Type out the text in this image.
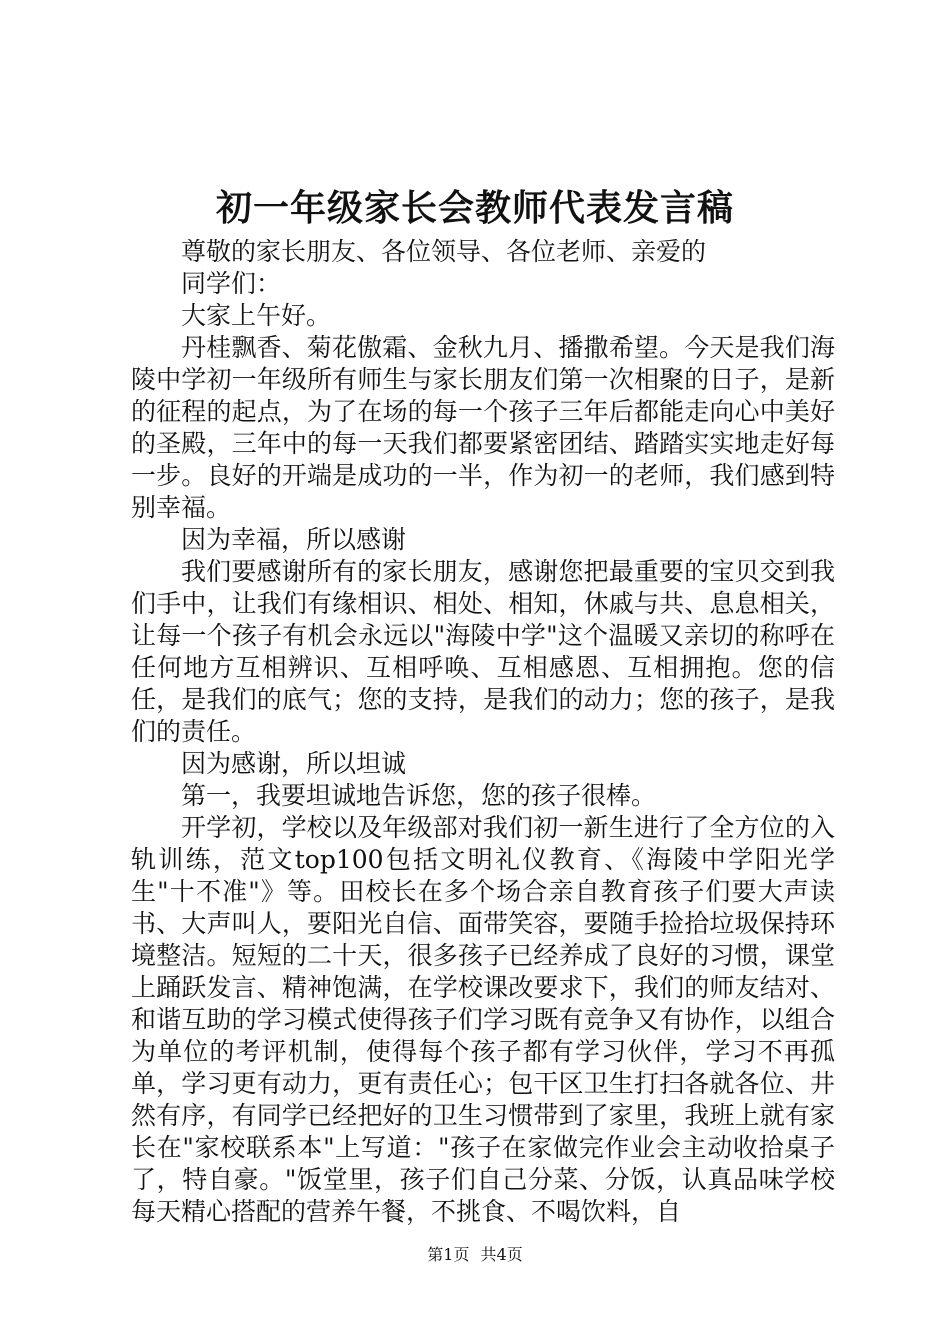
初一年级家长会教师代表发言稿

尊敬的家长朋友、各位领导、各位老师、亲爱的

同学们：

大家上午好。

丹桂飘香、菊花傲霜、金秋九月、播撒希望。今天是我们海陵中学初一年级所有师生与家长朋友们第一次相聚的日子，是新的征程的起点，为了在场的每一个孩子三年后都能走向心中美好的圣殿，三年中的每一天我们都要紧密团结、踏踏实实地走好每一步。良好的开端是成功的一半，作为初一的老师，我们感到特别幸福。

因为幸福，所以感谢

我们要感谢所有的家长朋友，感谢您把最重要的宝贝交到我们手中，让我们有缘相识、相处、相知，休戚与共、息息相关，让每一个孩子有机会永远以"海陵中学"这个温暖又亲切的称呼在任何地方互相辨识、互相呼唤、互相感恩、互相拥抱。您的信任，是我们的底气；您的支持，是我们的动力；您的孩子，是我们的责任。

因为感谢，所以坦诚

第一，我要坦诚地告诉您，您的孩子很棒。

开学初，学校以及年级部对我们初一新生进行了全方位的入轨训练，范文top100包括文明礼仪教育、《海陵中学阳光学生"十不准"》等。田校长在多个场合亲自教育孩子们要大声读书、大声叫人，要阳光自信、面带笑容，要随手捡拾垃圾保持环境整洁。短短的二十天，很多孩子已经养成了良好的习惯，课堂上踊跃发言、精神饱满，在学校课改要求下，我们的师友结对、和谐互助的学习模式使得孩子们学习既有竞争又有协作，以组合为单位的考评机制，使得每个孩子都有学习伙伴，学习不再孤单，学习更有动力，更有责任心；包干区卫生打扫各就各位、井然有序，有同学已经把好的卫生习惯带到了家里，我班上就有家长在"家校联系本"上写道："孩子在家做完作业会主动收拾桌子了，特自豪。"饭堂里，孩子们自己分菜、分饭，认真品味学校每天精心搭配的营养午餐，不挑食、不喝饮料，自

第1页 共4页
